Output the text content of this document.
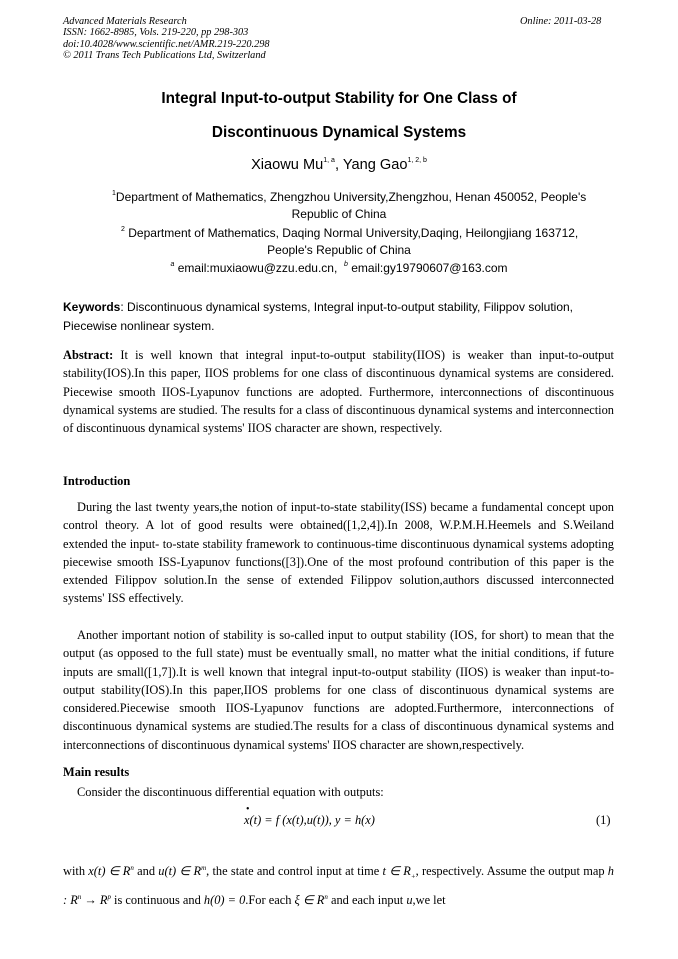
Advanced Materials Research
ISSN: 1662-8985, Vols. 219-220, pp 298-303
doi:10.4028/www.scientific.net/AMR.219-220.298
© 2011 Trans Tech Publications Ltd, Switzerland
Online: 2011-03-28
Integral Input-to-output Stability for One Class of
Discontinuous Dynamical Systems
Xiaowu Mu$^{1, a}$, Yang Gao$^{1, 2, b}$
$^1$Department of Mathematics, Zhengzhou University,Zhengzhou, Henan 450052, People's
Republic of China
$^2$ Department of Mathematics, Daqing Normal University,Daqing, Heilongjiang 163712,
People's Republic of China
$^a$ email:muxiaowu@zzu.edu.cn, $^b$ email:gy19790607@163.com
Keywords: Discontinuous dynamical systems, Integral input-to-output stability, Filippov solution, Piecewise nonlinear system.
Abstract: It is well known that integral input-to-output stability(IIOS) is weaker than input-to-output stability(IOS).In this paper, IIOS problems for one class of discontinuous dynamical systems are considered. Piecewise smooth IIOS-Lyapunov functions are adopted. Furthermore, interconnections of discontinuous dynamical systems are studied. The results for a class of discontinuous dynamical systems and interconnection of discontinuous dynamical systems' IIOS character are shown, respectively.
Introduction
During the last twenty years,the notion of input-to-state stability(ISS) became a fundamental concept upon control theory. A lot of good results were obtained([1,2,4]).In 2008, W.P.M.H.Heemels and S.Weiland extended the input- to-state stability framework to continuous-time discontinuous dynamical systems adopting piecewise smooth ISS-Lyapunov functions([3]).One of the most profound contribution of this paper is the extended Filippov solution.In the sense of extended Filippov solution,authors discussed interconnected systems' ISS effectively.
Another important notion of stability is so-called input to output stability (IOS, for short) to mean that the output (as opposed to the full state) must be eventually small, no matter what the initial conditions, if future inputs are small([1,7]).It is well known that integral input-to-output stability (IIOS) is weaker than input-to-output stability(IOS).In this paper,IIOS problems for one class of discontinuous dynamical systems are considered.Piecewise smooth IIOS-Lyapunov functions are adopted.Furthermore, interconnections of discontinuous dynamical systems are studied.The results for a class of discontinuous dynamical systems and interconnections of discontinuous dynamical systems' IIOS character are shown,respectively.
Main results
Consider the discontinuous differential equation with outputs:
•
x(t) = f (x(t),u(t)), y = h(x)	(1)
with x(t) ∈ $R^n$ and u(t) ∈ $R^m$, the state and control input at time t ∈ $R_+$, respectively. Assume the output map h : $R^n \to R^p$ is continuous and h(0) = 0.For each ξ ∈ $R^n$ and each input u,we let
